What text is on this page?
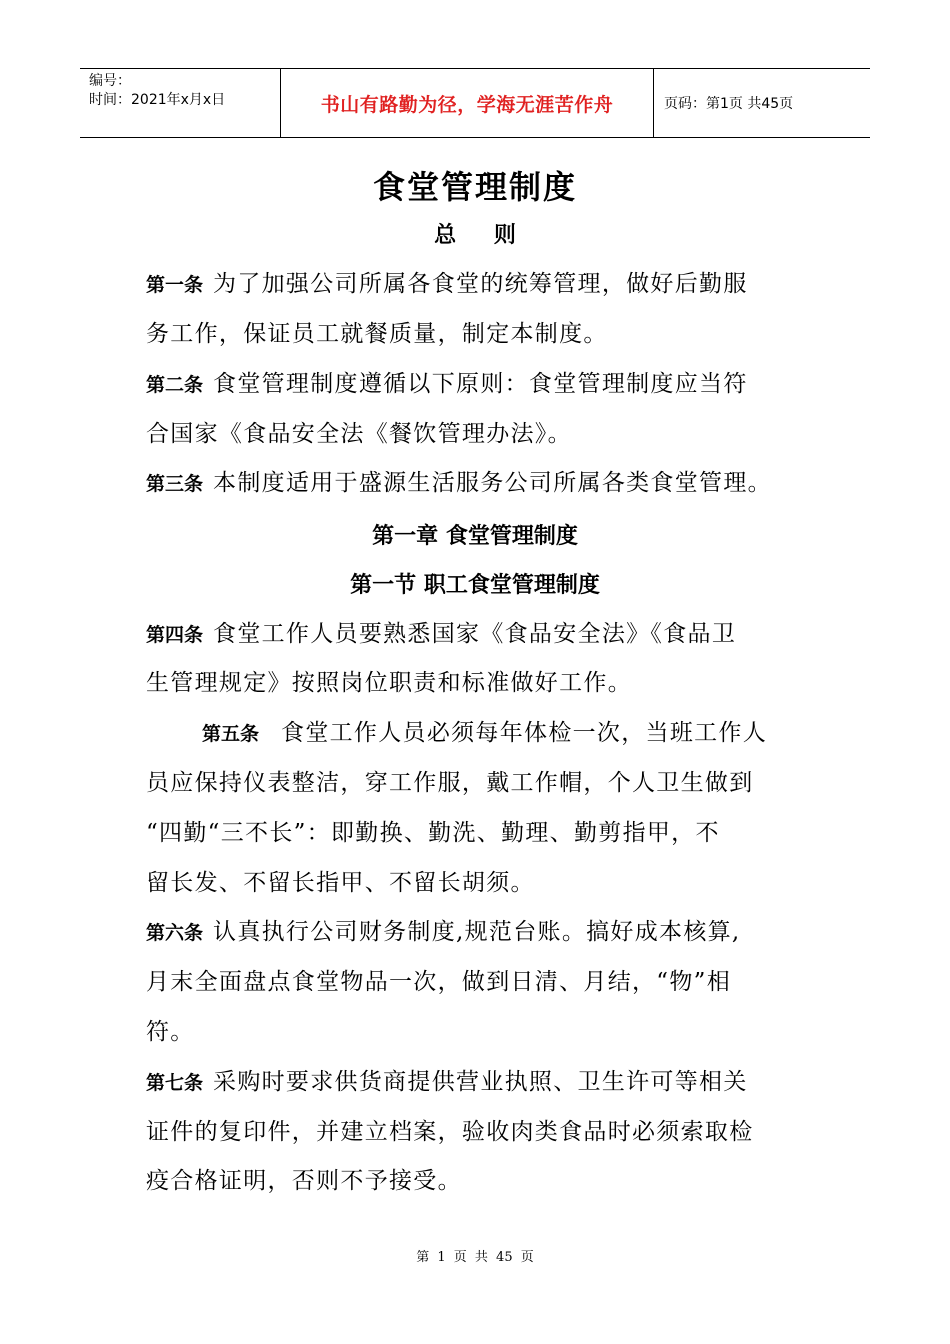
编号：
时间：2021年x月x日	书山有路勤为径，学海无涯苦作舟	页码：第1页 共45页
食堂管理制度
总 则
第一条 为了加强公司所属各食堂的统筹管理，做好后勤服
务工作，保证员工就餐质量，制定本制度。
第二条 食堂管理制度遵循以下原则：食堂管理制度应当符
合国家《食品安全法《餐饮管理办法》。
第三条 本制度适用于盛源生活服务公司所属各类食堂管理。
第一章 食堂管理制度
第一节 职工食堂管理制度
第四条 食堂工作人员要熟悉国家《食品安全法》《食品卫
生管理规定》按照岗位职责和标准做好工作。
第五条 食堂工作人员必须每年体检一次，当班工作人
员应保持仪表整洁，穿工作服，戴工作帽，个人卫生做到
“四勤“三不长”：即勤换、勤洗、勤理、勤剪指甲，不
留长发、不留长指甲、不留长胡须。
第六条 认真执行公司财务制度,规范台账。搞好成本核算,
月末全面盘点食堂物品一次，做到日清、月结，“物”相
符。
第七条 采购时要求供货商提供营业执照、卫生许可等相关
证件的复印件，并建立档案，验收肉类食品时必须索取检
疫合格证明，否则不予接受。
第 1 页 共 45 页
